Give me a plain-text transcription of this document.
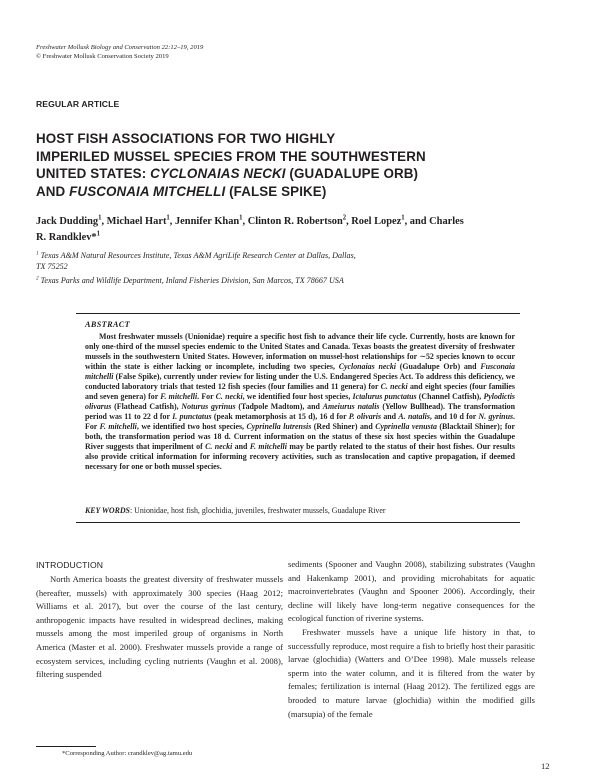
Freshwater Mollusk Biology and Conservation 22:12–19, 2019
© Freshwater Mollusk Conservation Society 2019
REGULAR ARTICLE
HOST FISH ASSOCIATIONS FOR TWO HIGHLY
IMPERILED MUSSEL SPECIES FROM THE SOUTHWESTERN
UNITED STATES: CYCLONAIAS NECKI (GUADALUPE ORB)
AND FUSCONAIA MITCHELLI (FALSE SPIKE)
Jack Dudding$^1$, Michael Hart$^1$, Jennifer Khan$^1$, Clinton R. Robertson$^2$, Roel Lopez$^1$, and Charles R. Randklev*$^1$
$^1$ Texas A&M Natural Resources Institute, Texas A&M AgriLife Research Center at Dallas, Dallas,
TX 75252
$^2$ Texas Parks and Wildlife Department, Inland Fisheries Division, San Marcos, TX 78667 USA
ABSTRACT

Most freshwater mussels (Unionidae) require a specific host fish to advance their life cycle. Currently, hosts are known for only one-third of the mussel species endemic to the United States and Canada. Texas boasts the greatest diversity of freshwater mussels in the southwestern United States. However, information on mussel-host relationships for ∼52 species known to occur within the state is either lacking or incomplete, including two species, Cyclonaias necki (Guadalupe Orb) and Fusconaia mitchelli (False Spike), currently under review for listing under the U.S. Endangered Species Act. To address this deficiency, we conducted laboratory trials that tested 12 fish species (four families and 11 genera) for C. necki and eight species (four families and seven genera) for F. mitchelli. For C. necki, we identified four host species, Ictalurus punctatus (Channel Catfish), Pylodictis olivarus (Flathead Catfish), Noturus gyrinus (Tadpole Madtom), and Ameiurus natalis (Yellow Bullhead). The transformation period was 11 to 22 d for I. punctatus (peak metamorphosis at 15 d), 16 d for P. olivaris and A. natalis, and 10 d for N. gyrinus. For F. mitchelli, we identified two host species, Cyprinella lutrensis (Red Shiner) and Cyprinella venusta (Blacktail Shiner); for both, the transformation period was 18 d. Current information on the status of these six host species within the Guadalupe River suggests that imperilment of C. necki and F. mitchelli may be partly related to the status of their host fishes. Our results also provide critical information for informing recovery activities, such as translocation and captive propagation, if deemed necessary for one or both mussel species.

KEY WORDS: Unionidae, host fish, glochidia, juveniles, freshwater mussels, Guadalupe River
INTRODUCTION

North America boasts the greatest diversity of freshwater mussels (hereafter, mussels) with approximately 300 species (Haag 2012; Williams et al. 2017), but over the course of the last century, anthropogenic impacts have resulted in widespread declines, making mussels among the most imperiled group of organisms in North America (Master et al. 2000). Freshwater mussels provide a range of ecosystem services, including cycling nutrients (Vaughn et al. 2008), filtering suspended

sediments (Spooner and Vaughn 2008), stabilizing substrates (Vaughn and Hakenkamp 2001), and providing microhabitats for aquatic macroinvertebrates (Vaughn and Spooner 2006). Accordingly, their decline will likely have long-term negative consequences for the ecological function of riverine systems.

Freshwater mussels have a unique life history in that, to successfully reproduce, most require a fish to briefly host their parasitic larvae (glochidia) (Watters and O’Dee 1998). Male mussels release sperm into the water column, and it is filtered from the water by females; fertilization is internal (Haag 2012). The fertilized eggs are brooded to mature larvae (glochidia) within the modified gills (marsupia) of the female

*Corresponding Author: crandklev@ag.tamu.edu
12
